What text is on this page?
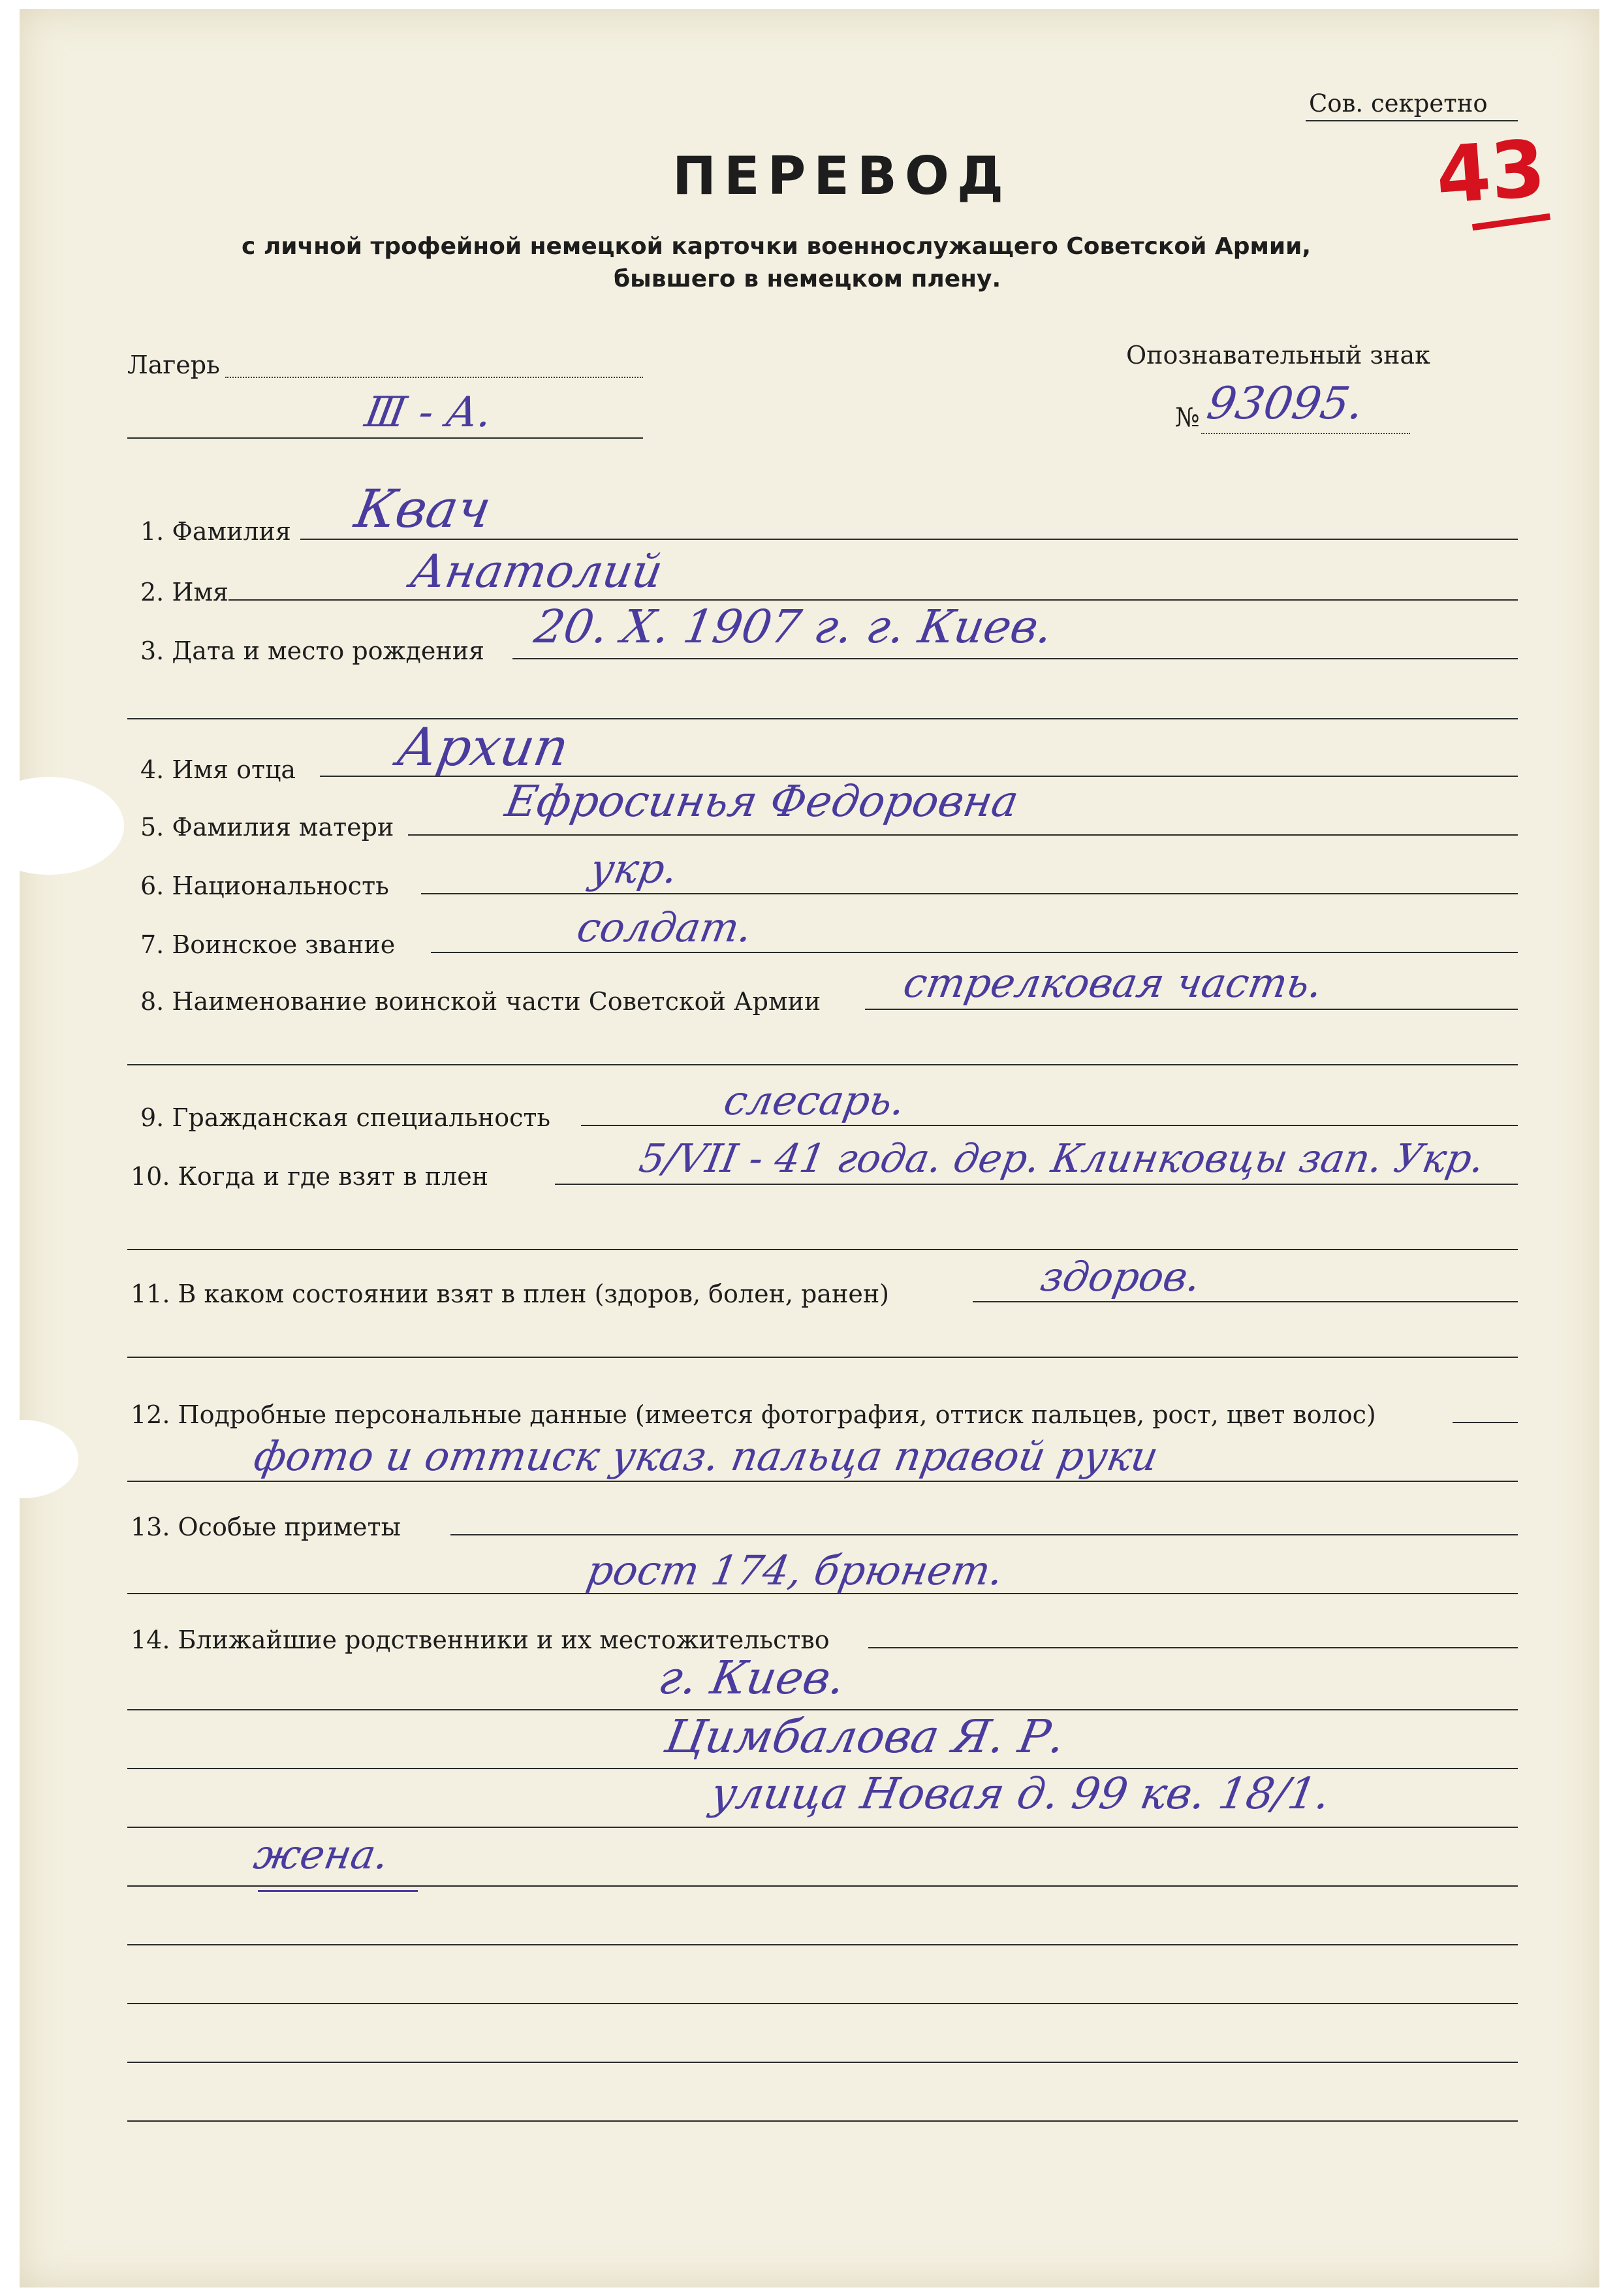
Сов. секретно
43
ПЕРЕВОД
с личной трофейной немецкой карточки военнослужащего Советской Армии,
бывшего в немецком плену.
Лагерь
Ⅲ - А.
Опознавательный знак
№ 93095.
1. Фамилия Квач
2. Имя	Анатолий
3. Дата и место рождения 20. X. 1907 г. г. Киев.
4. Имя отца Архип
5. Фамилия матери
Ефросинья Федоровна
6. Национальность	укр.
7. Воинское звание	солдат.
8. Наименование воинской части Советской Армии стрелковая часть.
9. Гражданская специальность	слесарь.
10. Когда и где взят в плен	5/VII - 41 года. дер. Клинковцы зап. Укр.
11. В каком состоянии взят в плен (здоров, болен, ранен)	здоров.
12. Подробные персональные данные (имеется фотография, оттиск пальцев, рост, цвет волос)
фото и оттиск указ. пальца правой руки
13. Особые приметы
рост 174, брюнет.
14. Ближайшие родственники и их местожительство
г. Киев.
Цимбалова Я. Р.
улица Новая д. 99 кв. 18/1.
жена.
